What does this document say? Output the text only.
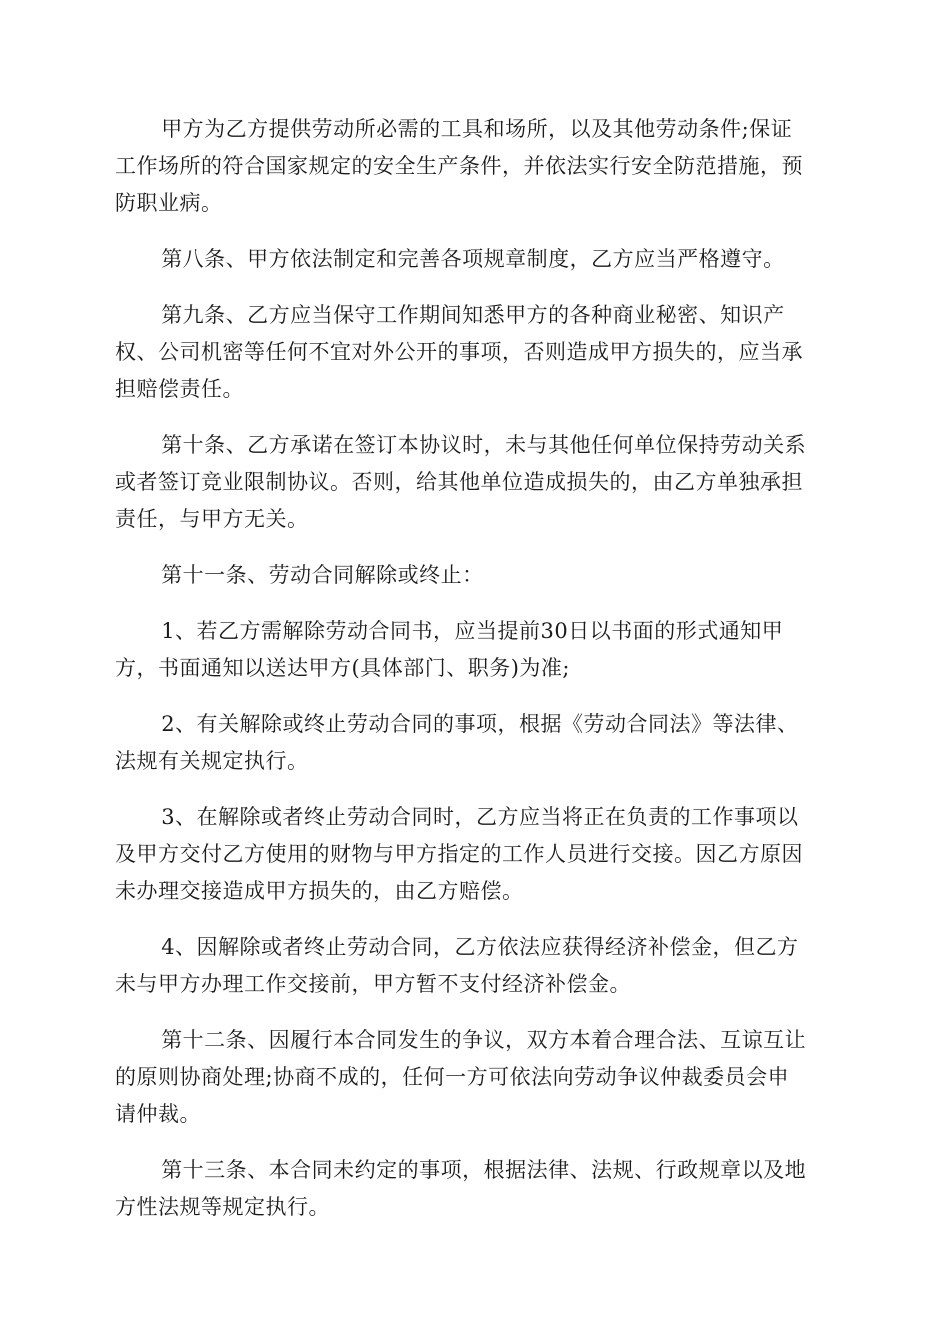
甲方为乙方提供劳动所必需的工具和场所，以及其他劳动条件;保证
工作场所的符合国家规定的安全生产条件，并依法实行安全防范措施，预
防职业病。

第八条、甲方依法制定和完善各项规章制度，乙方应当严格遵守。

第九条、乙方应当保守工作期间知悉甲方的各种商业秘密、知识产
权、公司机密等任何不宜对外公开的事项，否则造成甲方损失的，应当承
担赔偿责任。

第十条、乙方承诺在签订本协议时，未与其他任何单位保持劳动关系
或者签订竞业限制协议。否则，给其他单位造成损失的，由乙方单独承担
责任，与甲方无关。

第十一条、劳动合同解除或终止：

1、若乙方需解除劳动合同书，应当提前30日以书面的形式通知甲
方，书面通知以送达甲方(具体部门、职务)为准;

2、有关解除或终止劳动合同的事项，根据《劳动合同法》等法律、
法规有关规定执行。

3、在解除或者终止劳动合同时，乙方应当将正在负责的工作事项以
及甲方交付乙方使用的财物与甲方指定的工作人员进行交接。因乙方原因
未办理交接造成甲方损失的，由乙方赔偿。

4、因解除或者终止劳动合同，乙方依法应获得经济补偿金，但乙方
未与甲方办理工作交接前，甲方暂不支付经济补偿金。

第十二条、因履行本合同发生的争议，双方本着合理合法、互谅互让
的原则协商处理;协商不成的，任何一方可依法向劳动争议仲裁委员会申
请仲裁。

第十三条、本合同未约定的事项，根据法律、法规、行政规章以及地
方性法规等规定执行。
